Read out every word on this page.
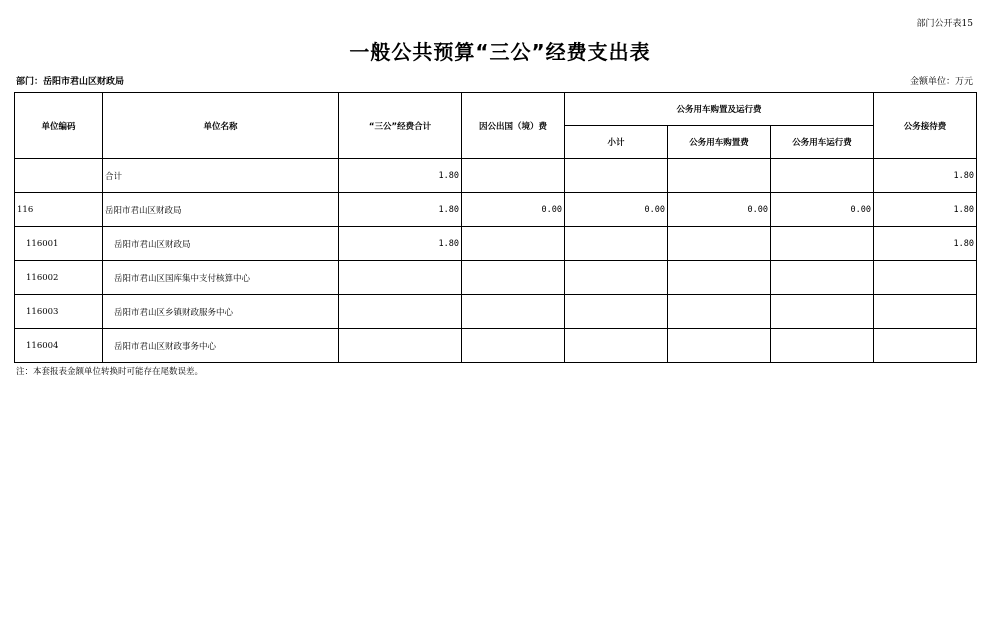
部门公开表15
一般公共预算“三公”经费支出表
部门：岳阳市君山区财政局	金额单位：万元
单位编码	单位名称	“三公”经费合计	因公出国（境）费	公务用车购置及运行费			公务接待费
				小计	公务用车购置费	公务用车运行费	
	合计	1.80					1.80
116	岳阳市君山区财政局	1.80	0.00	0.00	0.00	0.00	1.80
116001	岳阳市君山区财政局	1.80					1.80
116002	岳阳市君山区国库集中支付核算中心						
116003	岳阳市君山区乡镇财政服务中心						
116004	岳阳市君山区财政事务中心						
注：本套报表金额单位转换时可能存在尾数误差。
